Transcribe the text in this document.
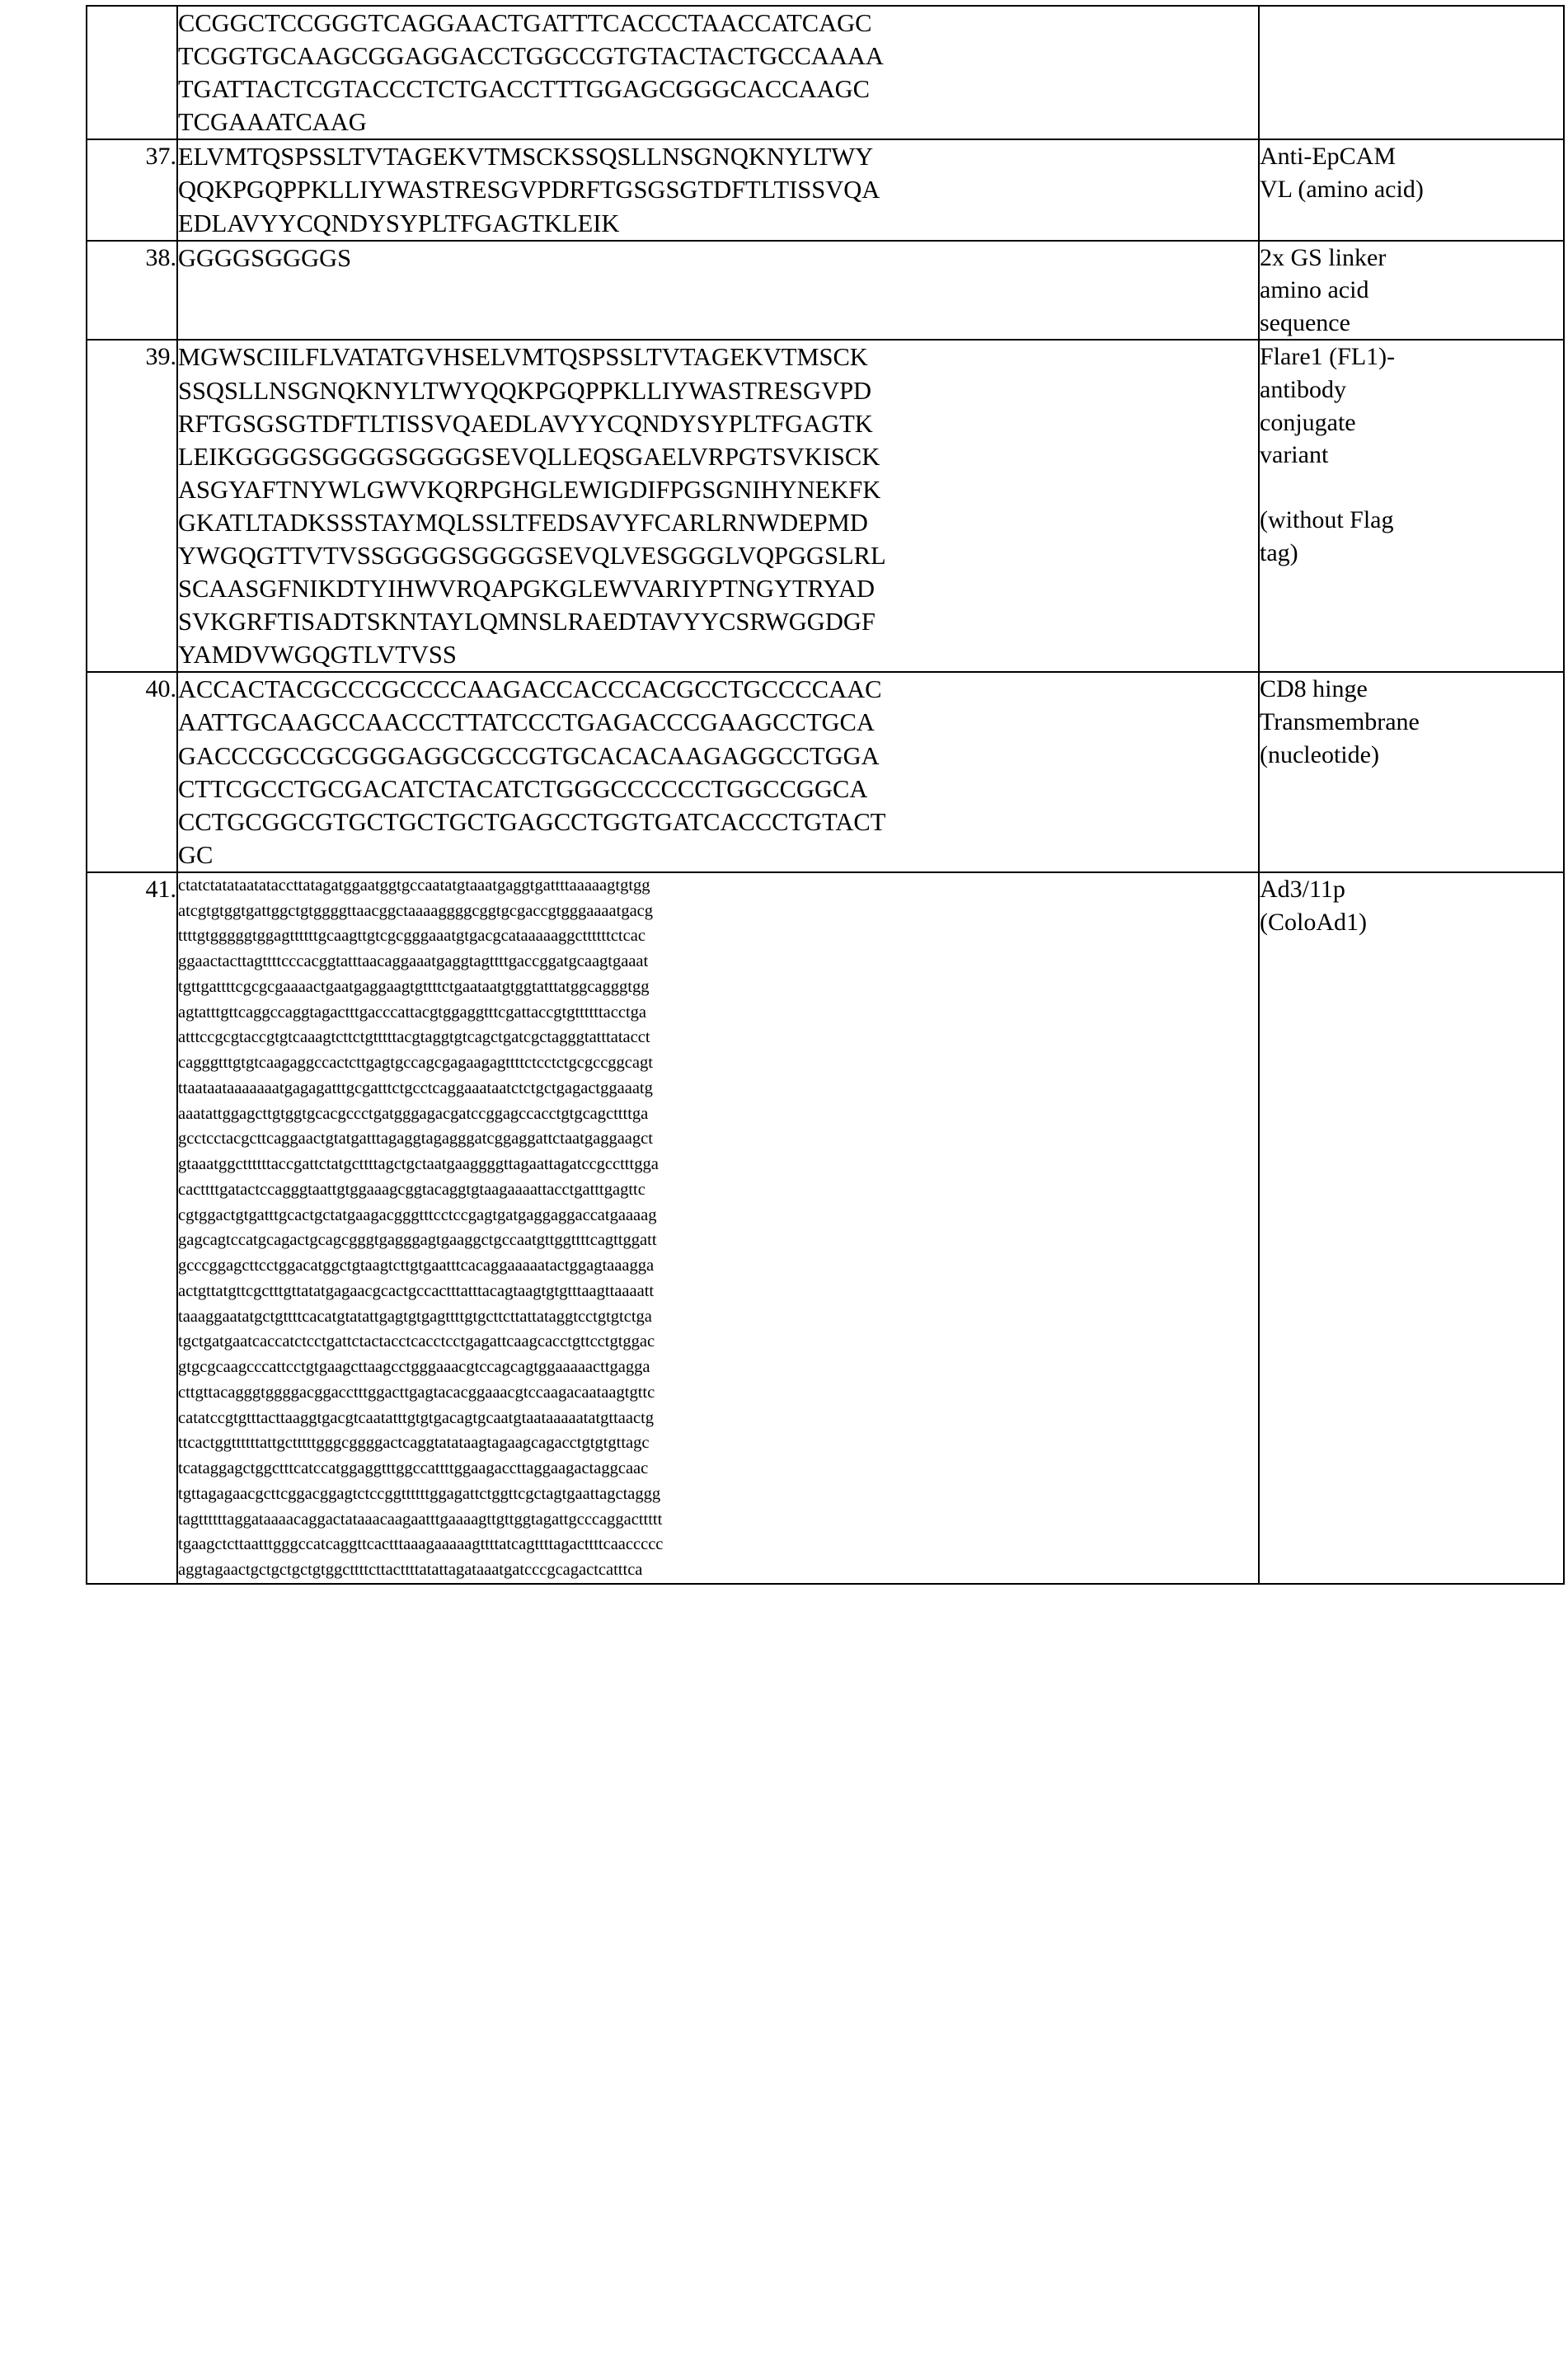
	CCGGCTCCGGGTCAGGAACTGATTTCACCCTAACCATCAGC
TCGGTGCAAGCGGAGGACCTGGCCGTGTACTACTGCCAAAA
TGATTACTCGTACCCTCTGACCTTTGGAGCGGGCACCAAGC
TCGAAATCAAG	

37.	ELVMTQSPSSLTVTAGEKVTMSCKSSQSLLNSGNQKNYLTWY
QQKPGQPPKLLIYWASTRESGVPDRFTGSGSGTDFTLTISSVQA
EDLAVYYCQNDYSYPLTFGAGTKLEIK	Anti-EpCAM
VL (amino acid)
38.	GGGGSGGGGS	2x GS linker
amino acid
sequence
39.	MGWSCIILFLVATATGVHSELVMTQSPSSLTVTAGEKVTMSCK
SSQSLLNSGNQKNYLTWYQQKPGQPPKLLIYWASTRESGVPD
RFTGSGSGTDFTLTISSVQAEDLAVYYCQNDYSYPLTFGAGTK
LEIKGGGGSGGGGSGGGGSEVQLLEQSGAELVRPGTSVKISCK
ASGYAFTNYWLGWVKQRPGHGLEWIGDIFPGSGNIHYNEKFK
GKATLTADKSSSTAYMQLSSLTFEDSAVYFCARLRNWDEPMD
YWGQGTTVTVSSGGGGSGGGGSEVQLVESGGGLVQPGGSLRL
SCAASGFNIKDTYIHWVRQAPGKGLEWVARIYPTNGYTRYAD
SVKGRFTISADTSKNTAYLQMNSLRAEDTAVYYCSRWGGDGF
YAMDVWGQGTLVTVSS
	Flare1 (FL1)-
antibody
conjugate
variant

(without Flag
tag)
40.	ACCACTACGCCCGCCCCAAGACCACCCACGCCTGCCCCAAC
AATTGCAAGCCAACCCTTATCCCTGAGACCCGAAGCCTGCA
GACCCGCCGCGGGAGGCGCCGTGCACACAAGAGGCCTGGA
CTTCGCCTGCGACATCTACATCTGGGCCCCCCTGGCCGGCA
CCTGCGGCGTGCTGCTGCTGAGCCTGGTGATCACCCTGTACT
GC
	CD8 hinge
Transmembrane
(nucleotide)
41.	ctatctatataatataccttatagatggaatggtgccaatatgtaaatgaggtgattttaaaaagtgtgg
atcgtgtggtgattggctgtggggttaacggctaaaaggggcggtgcgaccgtgggaaaatgacg
ttttgtgggggtggagttttttgcaagttgtcgcgggaaatgtgacgcataaaaaggcttttttctcac
ggaactacttagttttcccacggtatttaacaggaaatgaggtagttttgaccggatgcaagtgaaat
tgttgattttcgcgcgaaaactgaatgaggaagtgttttctgaataatgtggtatttatggcagggtgg
agtatttgttcaggccaggtagactttgacccattacgtggaggtttcgattaccgtgttttttacctga
atttccgcgtaccgtgtcaaagtcttctgtttttacgtaggtgtcagctgatcgctagggtatttatacct
cagggtttgtgtcaagaggccactcttgagtgccagcgagaagagttttctcctctgcgccggcagt
ttaataataaaaaaatgagagatttgcgatttctgcctcaggaaataatctctgctgagactggaaatg
aaatattggagcttgtggtgcacgccctgatgggagacgatccggagccacctgtgcagcttttga
gcctcctacgcttcaggaactgtatgatttagaggtagagggatcggaggattctaatgaggaagct
gtaaatggcttttttaccgattctatgcttttagctgctaatgaaggggttagaattagatccgcctttgga
cacttttgatactccagggtaattgtggaaagcggtacaggtgtaagaaaattacctgatttgagttc
cgtggactgtgatttgcactgctatgaagacgggtttcctccgagtgatgaggaggaccatgaaaag
gagcagtccatgcagactgcagcgggtgagggagtgaaggctgccaatgttggttttcagttggatt
gcccggagcttcctggacatggctgtaagtcttgtgaatttcacaggaaaaatactggagtaaagga
actgttatgttcgctttgttatatgagaacgcactgccactttatttacagtaagtgtgtttaagttaaaatt
taaaggaatatgctgttttcacatgtatattgagtgtgagttttgtgcttcttattataggtcctgtgtctga
tgctgatgaatcaccatctcctgattctactacctcacctcctgagattcaagcacctgttcctgtggac
gtgcgcaagcccattcctgtgaagcttaagcctgggaaacgtccagcagtggaaaaacttgagga
cttgttacagggtggggacggacctttggacttgagtacacggaaacgtccaagacaataagtgttc
catatccgtgtttacttaaggtgacgtcaatatttgtgtgacagtgcaatgtaataaaaatatgttaactg
ttcactggttttttattgctttttgggcggggactcaggtatataagtagaagcagacctgtgtgttagc
tcataggagctggctttcatccatggaggtttggccattttggaagaccttaggaagactaggcaac
tgttagagaacgcttcggacggagtctccggttttttggagattctggttcgctagtgaattagctaggg
tagttttttaggataaaacaggactataaacaagaatttgaaaagttgttggtagattgcccaggacttttt
tgaagctcttaatttgggccatcaggttcactttaaagaaaaagttttatcagttttagacttttcaaccccc
aggtagaactgctgctgctgtggcttttcttacttttatattagataaatgatcccgcagactcatttca
	Ad3/11p
(ColoAd1)
